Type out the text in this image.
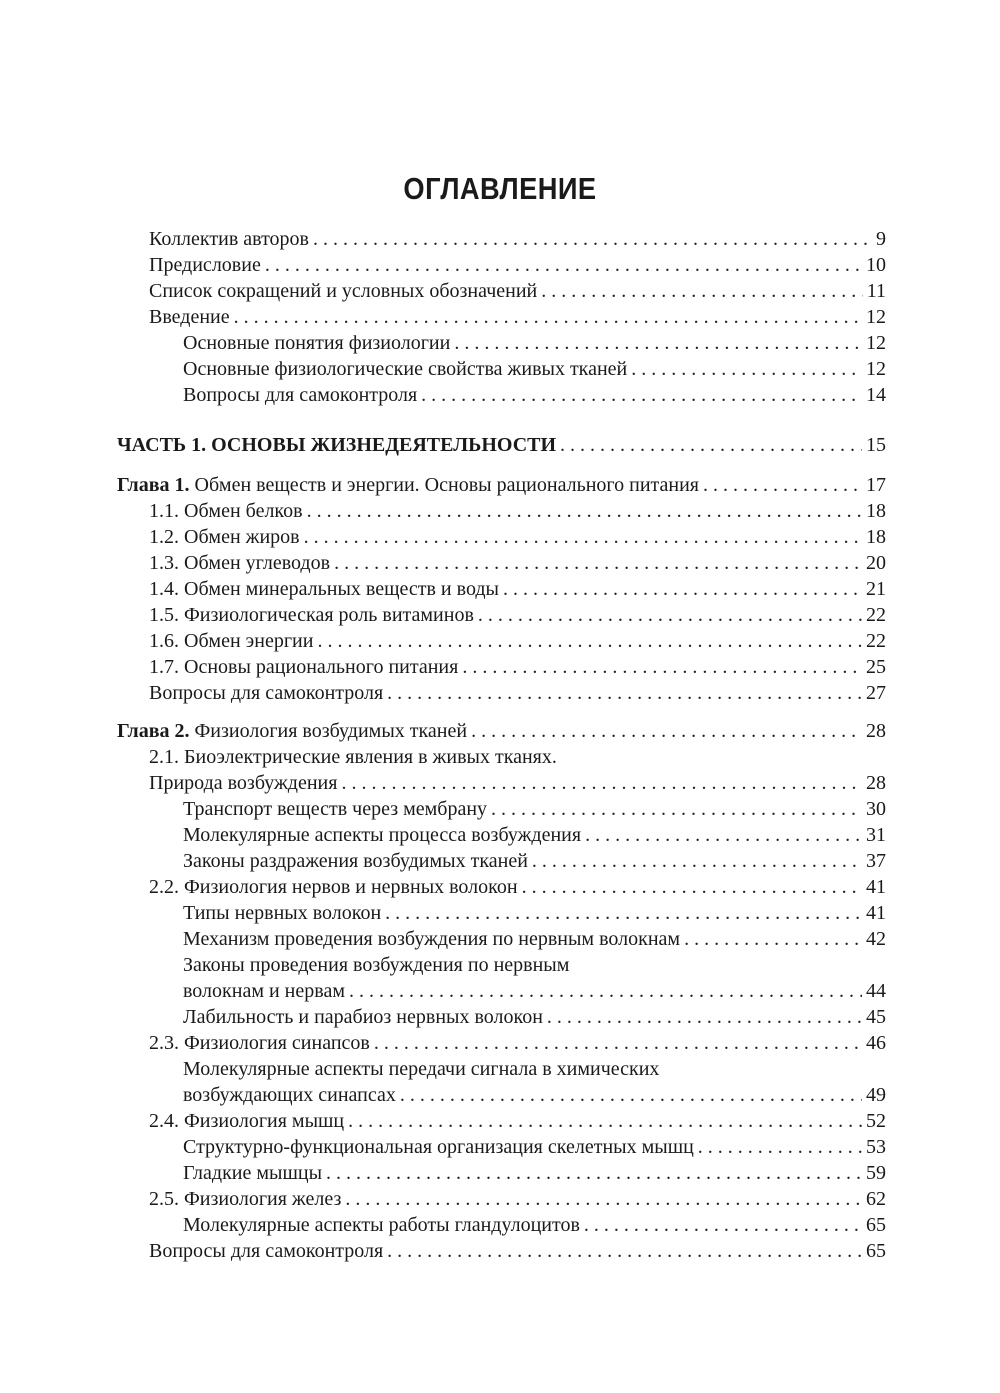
ОГЛАВЛЕНИЕ
Коллектив авторов . . .	9
Предисловие . . .	10
Список сокращений и условных обозначений . . .	11
Введение . . .	12
Основные понятия физиологии . . .	12
Основные физиологические свойства живых тканей . . .	12
Вопросы для самоконтроля . . .	14
ЧАСТЬ 1. ОСНОВЫ ЖИЗНЕДЕЯТЕЛЬНОСТИ . . .	15
Глава 1. Обмен веществ и энергии. Основы рационального питания . . .	17
1.1. Обмен белков . . .	18
1.2. Обмен жиров . . .	18
1.3. Обмен углеводов . . .	20
1.4. Обмен минеральных веществ и воды . . .	21
1.5. Физиологическая роль витаминов . . .	22
1.6. Обмен энергии . . .	22
1.7. Основы рационального питания . . .	25
Вопросы для самоконтроля . . .	27
Глава 2. Физиология возбудимых тканей . . .	28
2.1. Биоэлектрические явления в живых тканях.
Природа возбуждения . . .	28
Транспорт веществ через мембрану . . .	30
Молекулярные аспекты процесса возбуждения . . .	31
Законы раздражения возбудимых тканей . . .	37
2.2. Физиология нервов и нервных волокон . . .	41
Типы нервных волокон . . .	41
Механизм проведения возбуждения по нервным волокнам . . .	42
Законы проведения возбуждения по нервным
волокнам и нервам . . .	44
Лабильность и парабиоз нервных волокон . . .	45
2.3. Физиология синапсов . . .	46
Молекулярные аспекты передачи сигнала в химических
возбуждающих синапсах . . .	49
2.4. Физиология мышц . . .	52
Структурно-функциональная организация скелетных мышц . . .	53
Гладкие мышцы . . .	59
2.5. Физиология желез . . .	62
Молекулярные аспекты работы гландулоцитов . . .	65
Вопросы для самоконтроля . . .	65
